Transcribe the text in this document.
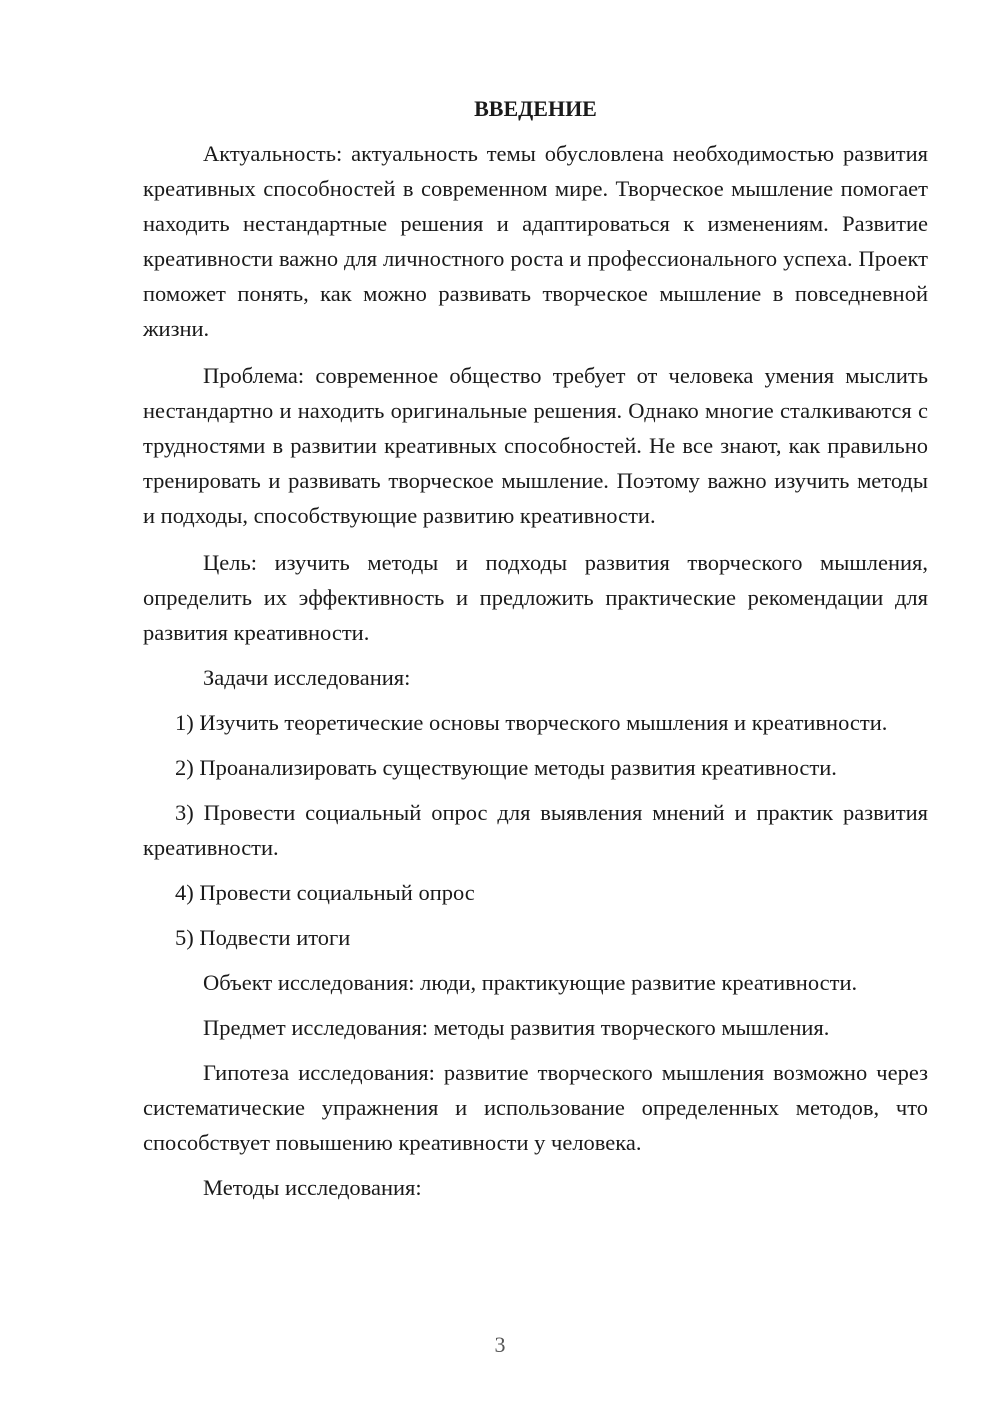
ВВЕДЕНИЕ

Актуальность: актуальность темы обусловлена необходимостью развития креативных способностей в современном мире. Творческое мышление помогает находить нестандартные решения и адаптироваться к изменениям. Развитие креативности важно для личностного роста и профессионального успеха. Проект поможет понять, как можно развивать творческое мышление в повседневной жизни.

Проблема: современное общество требует от человека умения мыслить нестандартно и находить оригинальные решения. Однако многие сталкиваются с трудностями в развитии креативных способностей. Не все знают, как правильно тренировать и развивать творческое мышление. Поэтому важно изучить методы и подходы, способствующие развитию креативности.

Цель: изучить методы и подходы развития творческого мышления, определить их эффективность и предложить практические рекомендации для развития креативности.

Задачи исследования:

1) Изучить теоретические основы творческого мышления и креативности.

2) Проанализировать существующие методы развития креативности.

3) Провести социальный опрос для выявления мнений и практик развития креативности.

4) Провести социальный опрос

5) Подвести итоги

Объект исследования: люди, практикующие развитие креативности.

Предмет исследования: методы развития творческого мышления.

Гипотеза исследования: развитие творческого мышления возможно через систематические упражнения и использование определенных методов, что способствует повышению креативности у человека.

Методы исследования:

3
